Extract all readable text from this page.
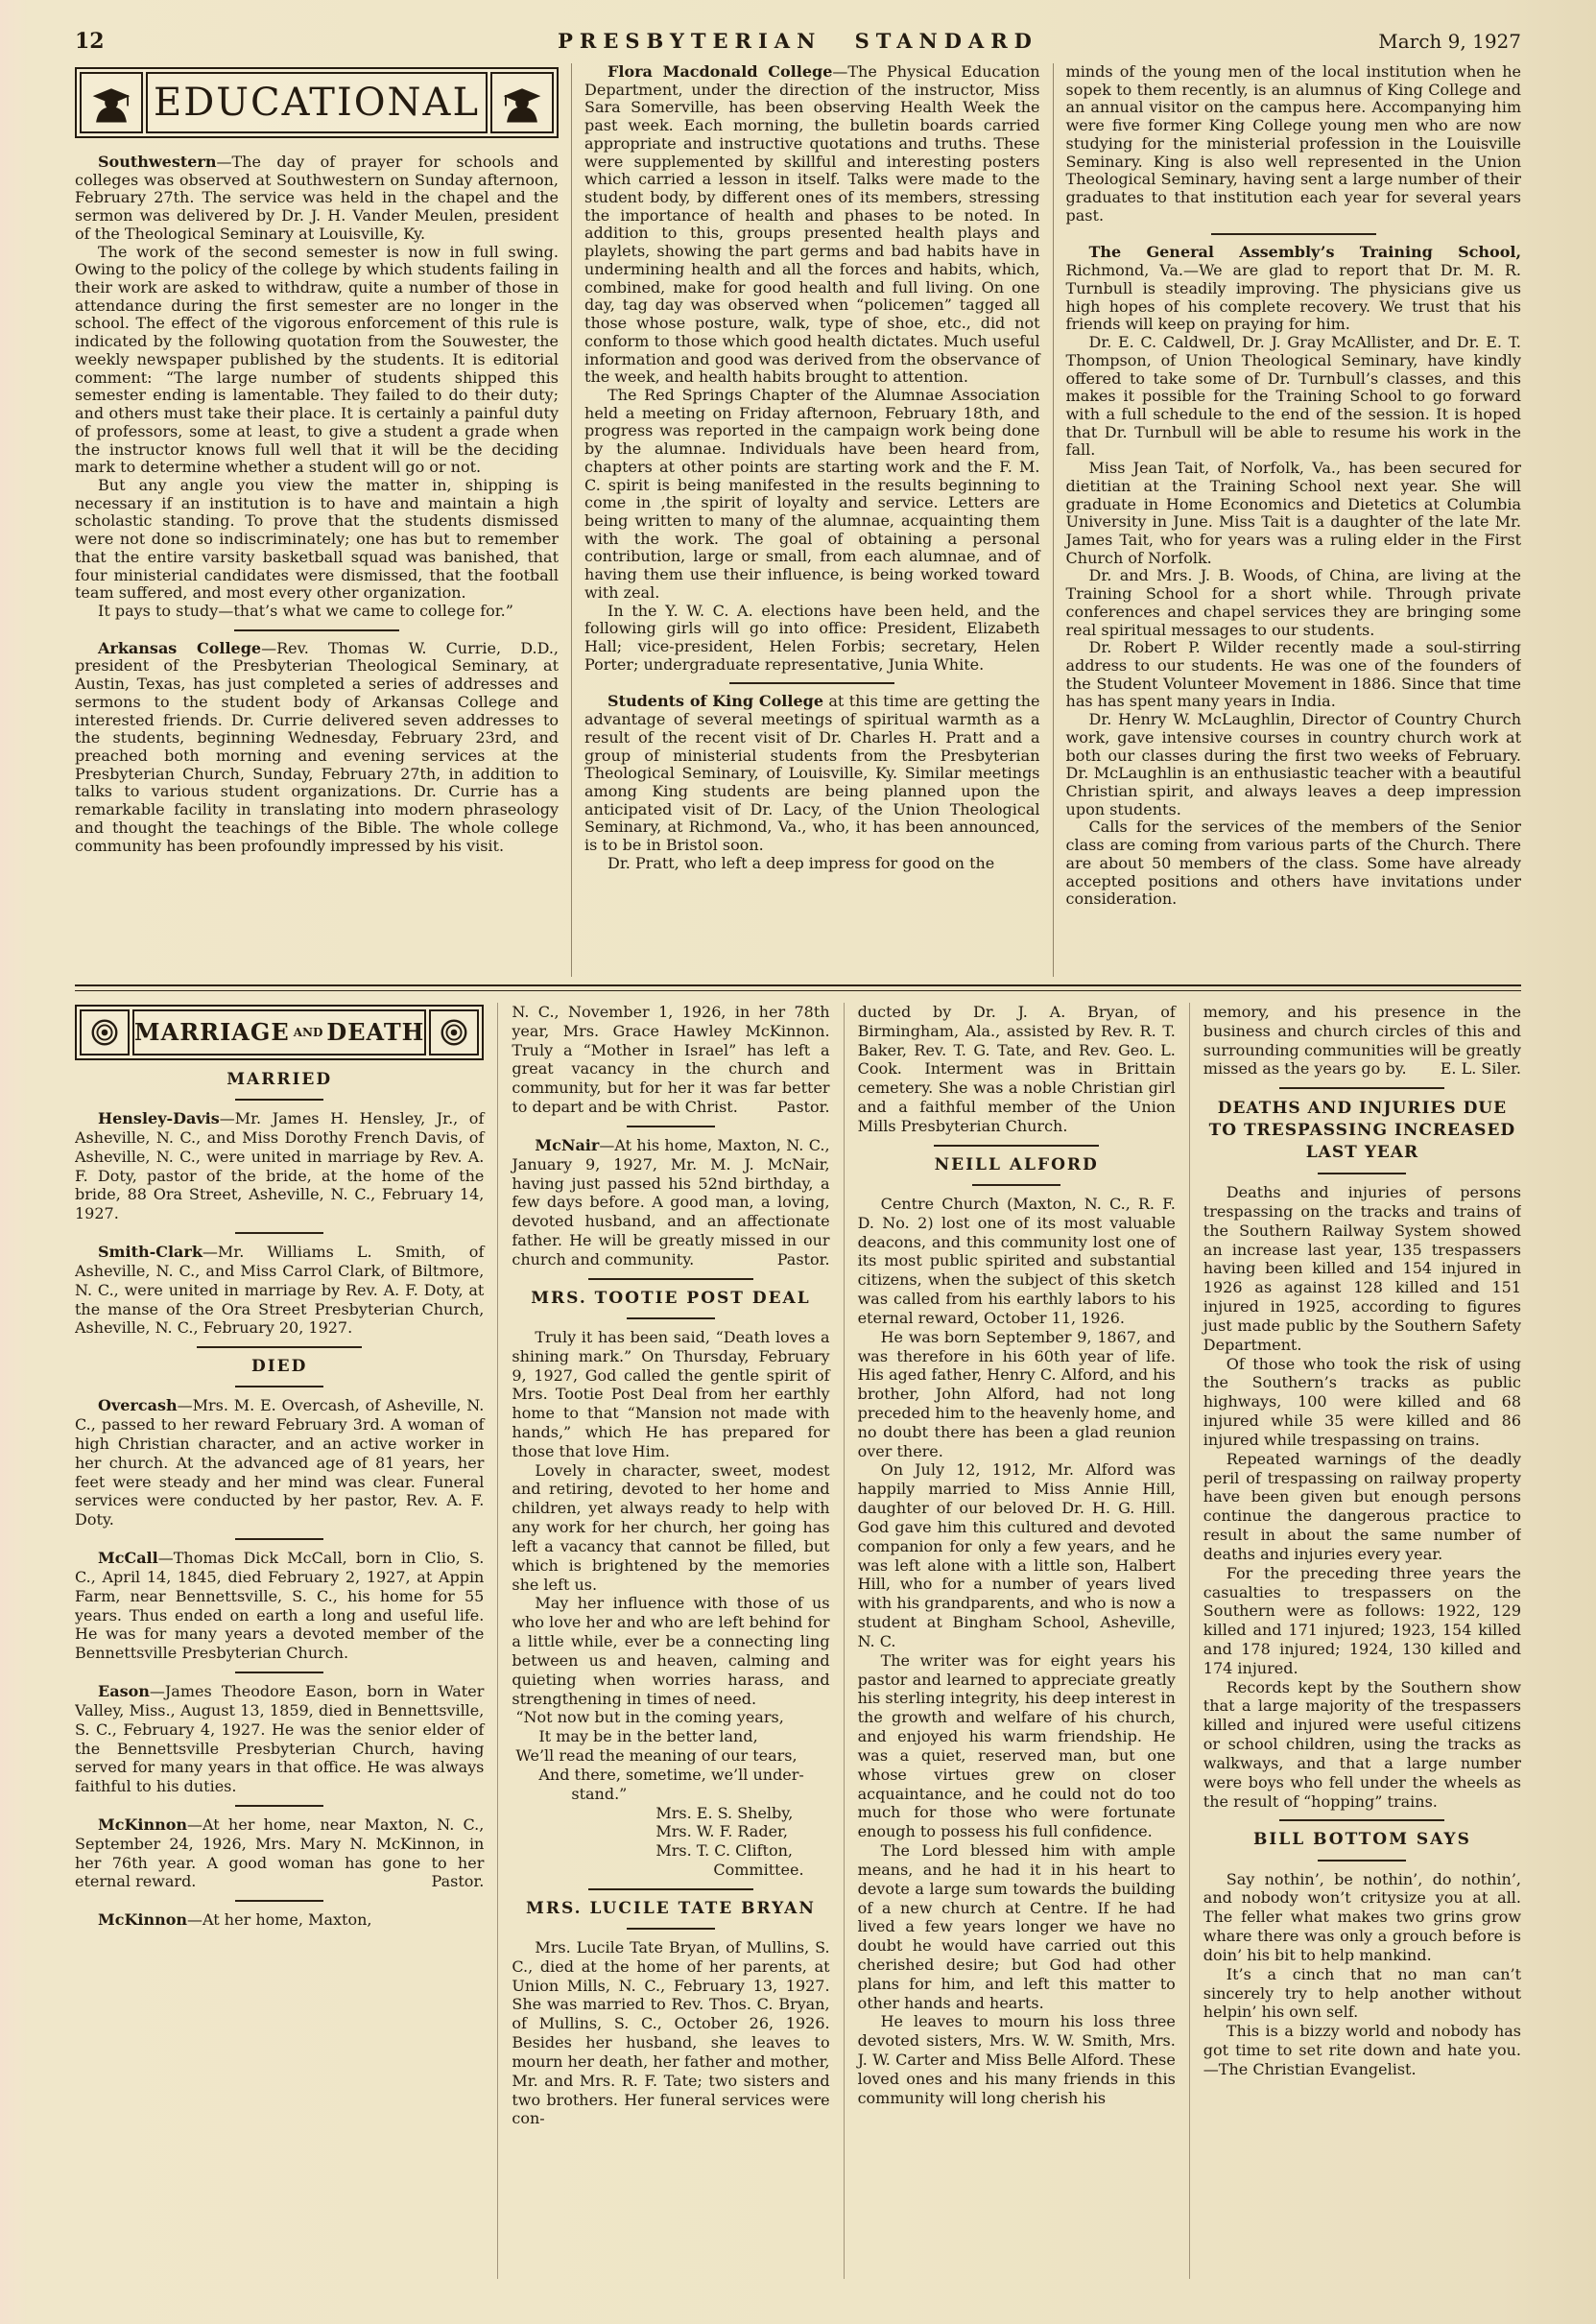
12	PRESBYTERIAN STANDARD	March 9, 1927
EDUCATIONAL

Southwestern—The day of prayer for schools and colleges was observed at Southwestern on Sunday afternoon, February 27th. The service was held in the chapel and the sermon was delivered by Dr. J. H. Vander Meulen, president of the Theological Seminary at Louisville, Ky.

The work of the second semester is now in full swing. Owing to the policy of the college by which students failing in their work are asked to withdraw, quite a number of those in attendance during the first semester are no longer in the school. The effect of the vigorous enforcement of this rule is indicated by the following quotation from the Souwester, the weekly newspaper published by the students. It is editorial comment: “The large number of students shipped this semester ending is lamentable. They failed to do their duty; and others must take their place. It is certainly a painful duty of professors, some at least, to give a student a grade when the instructor knows full well that it will be the deciding mark to determine whether a student will go or not.

But any angle you view the matter in, shipping is necessary if an institution is to have and maintain a high scholastic standing. To prove that the students dismissed were not done so indiscriminately; one has but to remember that the entire varsity basketball squad was banished, that four ministerial candidates were dismissed, that the football team suffered, and most every other organization.

It pays to study—that’s what we came to college for.”

Arkansas College—Rev. Thomas W. Currie, D.D., president of the Presbyterian Theological Seminary, at Austin, Texas, has just completed a series of addresses and sermons to the student body of Arkansas College and interested friends. Dr. Currie delivered seven addresses to the students, beginning Wednesday, February 23rd, and preached both morning and evening services at the Presbyterian Church, Sunday, February 27th, in addition to talks to various student organizations. Dr. Currie has a remarkable facility in translating into modern phraseology and thought the teachings of the Bible. The whole college community has been profoundly impressed by his visit.

Flora Macdonald College—The Physical Education Department, under the direction of the instructor, Miss Sara Somerville, has been observing Health Week the past week. Each morning, the bulletin boards carried appropriate and instructive quotations and truths. These were supplemented by skillful and interesting posters which carried a lesson in itself. Talks were made to the student body, by different ones of its members, stressing the importance of health and phases to be noted. In addition to this, groups presented health plays and playlets, showing the part germs and bad habits have in undermining health and all the forces and habits, which, combined, make for good health and full living. On one day, tag day was observed when “policemen” tagged all those whose posture, walk, type of shoe, etc., did not conform to those which good health dictates. Much useful information and good was derived from the observance of the week, and health habits brought to attention.

The Red Springs Chapter of the Alumnae Association held a meeting on Friday afternoon, February 18th, and progress was reported in the campaign work being done by the alumnae. Individuals have been heard from, chapters at other points are starting work and the F. M. C. spirit is being manifested in the results beginning to come in ,the spirit of loyalty and service. Letters are being written to many of the alumnae, acquainting them with the work. The goal of obtaining a personal contribution, large or small, from each alumnae, and of having them use their influence, is being worked toward with zeal.

In the Y. W. C. A. elections have been held, and the following girls will go into office: President, Elizabeth Hall; vice-president, Helen Forbis; secretary, Helen Porter; undergraduate representative, Junia White.

Students of King College at this time are getting the advantage of several meetings of spiritual warmth as a result of the recent visit of Dr. Charles H. Pratt and a group of ministerial students from the Presbyterian Theological Seminary, of Louisville, Ky. Similar meetings among King students are being planned upon the anticipated visit of Dr. Lacy, of the Union Theological Seminary, at Richmond, Va., who, it has been announced, is to be in Bristol soon.

Dr. Pratt, who left a deep impress for good on the

minds of the young men of the local institution when he sopek to them recently, is an alumnus of King College and an annual visitor on the campus here. Accompanying him were five former King College young men who are now studying for the ministerial profession in the Louisville Seminary. King is also well represented in the Union Theological Seminary, having sent a large number of their graduates to that institution each year for several years past.

The General Assembly’s Training School, Richmond, Va.—We are glad to report that Dr. M. R. Turnbull is steadily improving. The physicians give us high hopes of his complete recovery. We trust that his friends will keep on praying for him.

Dr. E. C. Caldwell, Dr. J. Gray McAllister, and Dr. E. T. Thompson, of Union Theological Seminary, have kindly offered to take some of Dr. Turnbull’s classes, and this makes it possible for the Training School to go forward with a full schedule to the end of the session. It is hoped that Dr. Turnbull will be able to resume his work in the fall.

Miss Jean Tait, of Norfolk, Va., has been secured for dietitian at the Training School next year. She will graduate in Home Economics and Dietetics at Columbia University in June. Miss Tait is a daughter of the late Mr. James Tait, who for years was a ruling elder in the First Church of Norfolk.

Dr. and Mrs. J. B. Woods, of China, are living at the Training School for a short while. Through private conferences and chapel services they are bringing some real spiritual messages to our students.

Dr. Robert P. Wilder recently made a soul-stirring address to our students. He was one of the founders of the Student Volunteer Movement in 1886. Since that time has has spent many years in India.

Dr. Henry W. McLaughlin, Director of Country Church work, gave intensive courses in country church work at both our classes during the first two weeks of February. Dr. McLaughlin is an enthusiastic teacher with a beautiful Christian spirit, and always leaves a deep impression upon students.

Calls for the services of the members of the Senior class are coming from various parts of the Church. There are about 50 members of the class. Some have already accepted positions and others have invitations under consideration.

MARRIAGE AND DEATH
MARRIED

Hensley-Davis—Mr. James H. Hensley, Jr., of Asheville, N. C., and Miss Dorothy French Davis, of Asheville, N. C., were united in marriage by Rev. A. F. Doty, pastor of the bride, at the home of the bride, 88 Ora Street, Asheville, N. C., February 14, 1927.

Smith-Clark—Mr. Williams L. Smith, of Asheville, N. C., and Miss Carrol Clark, of Biltmore, N. C., were united in marriage by Rev. A. F. Doty, at the manse of the Ora Street Presbyterian Church, Asheville, N. C., February 20, 1927.

DIED

Overcash—Mrs. M. E. Overcash, of Asheville, N. C., passed to her reward February 3rd. A woman of high Christian character, and an active worker in her church. At the advanced age of 81 years, her feet were steady and her mind was clear. Funeral services were conducted by her pastor, Rev. A. F. Doty.

McCall—Thomas Dick McCall, born in Clio, S. C., April 14, 1845, died February 2, 1927, at Appin Farm, near Bennettsville, S. C., his home for 55 years. Thus ended on earth a long and useful life. He was for many years a devoted member of the Bennettsville Presbyterian Church.

Eason—James Theodore Eason, born in Water Valley, Miss., August 13, 1859, died in Bennettsville, S. C., February 4, 1927. He was the senior elder of the Bennettsville Presbyterian Church, having served for many years in that office. He was always faithful to his duties.

McKinnon—At her home, near Maxton, N. C., September 24, 1926, Mrs. Mary N. McKinnon, in her 76th year. A good woman has gone to her eternal reward.	Pastor.

McKinnon—At her home, Maxton,

N. C., November 1, 1926, in her 78th year, Mrs. Grace Hawley McKinnon. Truly a “Mother in Israel” has left a great vacancy in the church and community, but for her it was far better to depart and be with Christ.	Pastor.

McNair—At his home, Maxton, N. C., January 9, 1927, Mr. M. J. McNair, having just passed his 52nd birthday, a few days before. A good man, a loving, devoted husband, and an affectionate father. He will be greatly missed in our church and community.	Pastor.

MRS. TOOTIE POST DEAL

Truly it has been said, “Death loves a shining mark.” On Thursday, February 9, 1927, God called the gentle spirit of Mrs. Tootie Post Deal from her earthly home to that “Mansion not made with hands,” which He has prepared for those that love Him.

Lovely in character, sweet, modest and retiring, devoted to her home and children, yet always ready to help with any work for her church, her going has left a vacancy that cannot be filled, but which is brightened by the memories she left us.

May her influence with those of us who love her and who are left behind for a little while, ever be a connecting ling between us and heaven, calming and quieting when worries harass, and strengthening in times of need.

“Not now but in the coming years,

It may be in the better land,

We’ll read the meaning of our tears,

And there, sometime, we’ll under-

stand.”

Mrs. E. S. Shelby,

Mrs. W. F. Rader,

Mrs. T. C. Clifton,

Committee.

MRS. LUCILE TATE BRYAN

Mrs. Lucile Tate Bryan, of Mullins, S. C., died at the home of her parents, at Union Mills, N. C., February 13, 1927. She was married to Rev. Thos. C. Bryan, of Mullins, S. C., October 26, 1926. Besides her husband, she leaves to mourn her death, her father and mother, Mr. and Mrs. R. F. Tate; two sisters and two brothers. Her funeral services were con-

ducted by Dr. J. A. Bryan, of Birmingham, Ala., assisted by Rev. R. T. Baker, Rev. T. G. Tate, and Rev. Geo. L. Cook. Interment was in Brittain cemetery. She was a noble Christian girl and a faithful member of the Union Mills Presbyterian Church.

NEILL ALFORD

Centre Church (Maxton, N. C., R. F. D. No. 2) lost one of its most valuable deacons, and this community lost one of its most public spirited and substantial citizens, when the subject of this sketch was called from his earthly labors to his eternal reward, October 11, 1926.

He was born September 9, 1867, and was therefore in his 60th year of life. His aged father, Henry C. Alford, and his brother, John Alford, had not long preceded him to the heavenly home, and no doubt there has been a glad reunion over there.

On July 12, 1912, Mr. Alford was happily married to Miss Annie Hill, daughter of our beloved Dr. H. G. Hill. God gave him this cultured and devoted companion for only a few years, and he was left alone with a little son, Halbert Hill, who for a number of years lived with his grandparents, and who is now a student at Bingham School, Asheville, N. C.

The writer was for eight years his pastor and learned to appreciate greatly his sterling integrity, his deep interest in the growth and welfare of his church, and enjoyed his warm friendship. He was a quiet, reserved man, but one whose virtues grew on closer acquaintance, and he could not do too much for those who were fortunate enough to possess his full confidence.

The Lord blessed him with ample means, and he had it in his heart to devote a large sum towards the building of a new church at Centre. If he had lived a few years longer we have no doubt he would have carried out this cherished desire; but God had other plans for him, and left this matter to other hands and hearts.

He leaves to mourn his loss three devoted sisters, Mrs. W. W. Smith, Mrs. J. W. Carter and Miss Belle Alford. These loved ones and his many friends in this community will long cherish his

memory, and his presence in the business and church circles of this and surrounding communities will be greatly missed as the years go by. E. L. Siler.

DEATHS AND INJURIES DUE TO TRESPASSING INCREASED LAST YEAR

Deaths and injuries of persons trespassing on the tracks and trains of the Southern Railway System showed an increase last year, 135 trespassers having been killed and 154 injured in 1926 as against 128 killed and 151 injured in 1925, according to figures just made public by the Southern Safety Department.

Of those who took the risk of using the Southern’s tracks as public highways, 100 were killed and 68 injured while 35 were killed and 86 injured while trespassing on trains.

Repeated warnings of the deadly peril of trespassing on railway property have been given but enough persons continue the dangerous practice to result in about the same number of deaths and injuries every year.

For the preceding three years the casualties to trespassers on the Southern were as follows: 1922, 129 killed and 171 injured; 1923, 154 killed and 178 injured; 1924, 130 killed and 174 injured.

Records kept by the Southern show that a large majority of the trespassers killed and injured were useful citizens or school children, using the tracks as walkways, and that a large number were boys who fell under the wheels as the result of “hopping” trains.

BILL BOTTOM SAYS

Say nothin’, be nothin’, do nothin’, and nobody won’t critysize you at all. The feller what makes two grins grow whare there was only a grouch before is doin’ his bit to help mankind.

It’s a cinch that no man can’t sincerely try to help another without helpin’ his own self.

This is a bizzy world and nobody has got time to set rite down and hate you.—The Christian Evangelist.
